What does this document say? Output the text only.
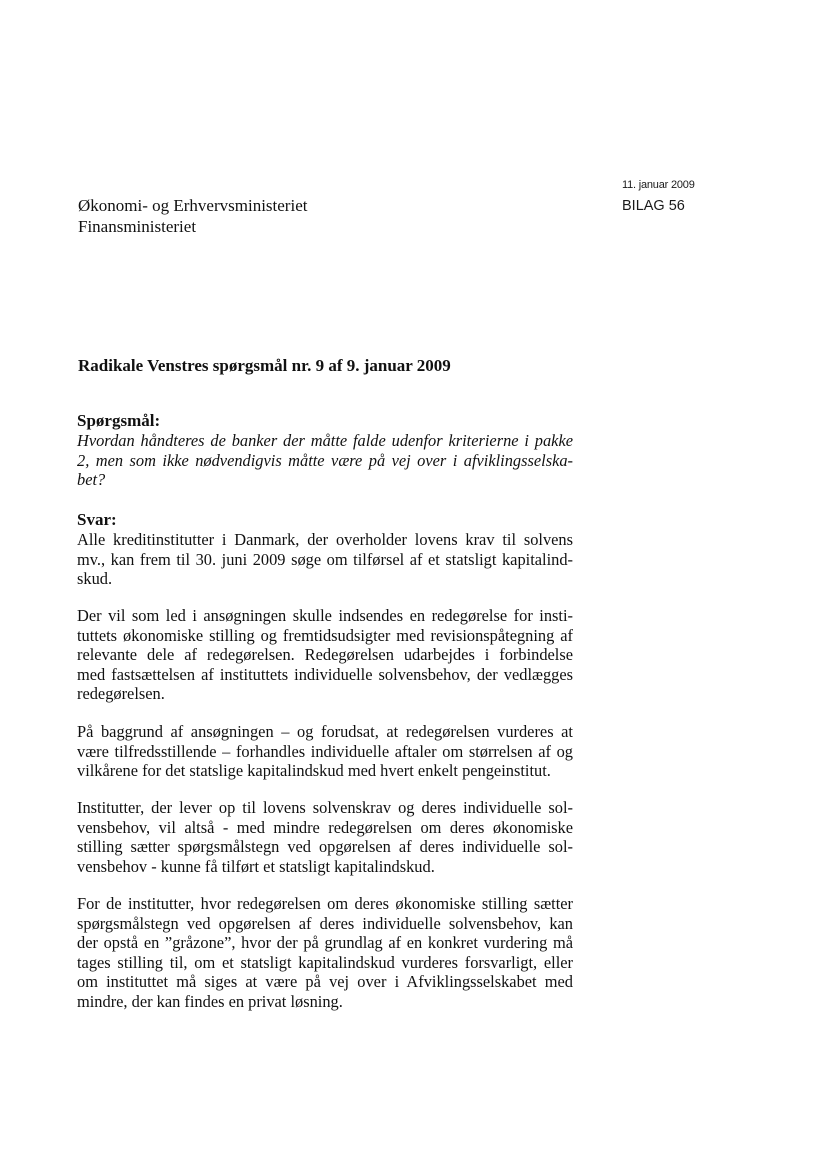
11. januar 2009
BILAG 56
Økonomi- og Erhvervsministeriet
Finansministeriet
Radikale Venstres spørgsmål nr. 9 af 9. januar 2009
Spørgsmål:
Hvordan håndteres de banker der måtte falde udenfor kriterierne i pakke
2, men som ikke nødvendigvis måtte være på vej over i afviklingsselska-
bet?
Svar:
Alle kreditinstitutter i Danmark, der overholder lovens krav til solvens
mv., kan frem til 30. juni 2009 søge om tilførsel af et statsligt kapitalind-
skud.
Der vil som led i ansøgningen skulle indsendes en redegørelse for insti-
tuttets økonomiske stilling og fremtidsudsigter med revisionspåtegning af
relevante dele af redegørelsen. Redegørelsen udarbejdes i forbindelse
med fastsættelsen af instituttets individuelle solvensbehov, der vedlægges
redegørelsen.
På baggrund af ansøgningen – og forudsat, at redegørelsen vurderes at
være tilfredsstillende – forhandles individuelle aftaler om størrelsen af og
vilkårene for det statslige kapitalindskud med hvert enkelt pengeinstitut.
Institutter, der lever op til lovens solvenskrav og deres individuelle sol-
vensbehov, vil altså - med mindre redegørelsen om deres økonomiske
stilling sætter spørgsmålstegn ved opgørelsen af deres individuelle sol-
vensbehov - kunne få tilført et statsligt kapitalindskud.
For de institutter, hvor redegørelsen om deres økonomiske stilling sætter
spørgsmålstegn ved opgørelsen af deres individuelle solvensbehov, kan
der opstå en ”gråzone”, hvor der på grundlag af en konkret vurdering må
tages stilling til, om et statsligt kapitalindskud vurderes forsvarligt, eller
om instituttet må siges at være på vej over i Afviklingsselskabet med
mindre, der kan findes en privat løsning.
